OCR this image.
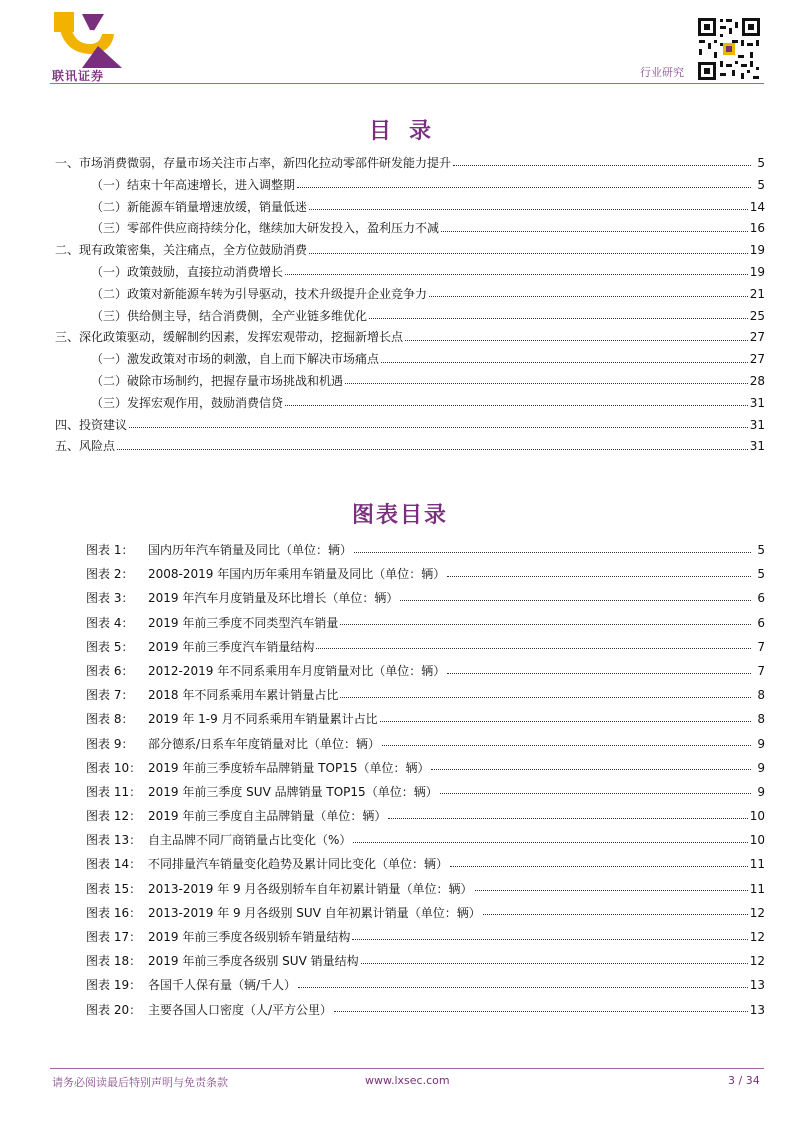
联讯证券	行业研究
目录
一、市场消费微弱，存量市场关注市占率，新四化拉动零部件研发能力提升	5
（一）结束十年高速增长，进入调整期	5
（二）新能源车销量增速放缓，销量低迷	14
（三）零部件供应商持续分化，继续加大研发投入，盈利压力不减	16
二、现有政策密集，关注痛点，全方位鼓励消费	19
（一）政策鼓励，直接拉动消费增长	19
（二）政策对新能源车转为引导驱动，技术升级提升企业竞争力	21
（三）供给侧主导，结合消费侧，全产业链多维优化	25
三、深化政策驱动，缓解制约因素，发挥宏观带动，挖掘新增长点	27
（一）激发政策对市场的刺激，自上而下解决市场痛点	27
（二）破除市场制约，把握存量市场挑战和机遇	28
（三）发挥宏观作用，鼓励消费信贷	31
四、投资建议	31
五、风险点	31
图表目录
图表 1：	国内历年汽车销量及同比（单位：辆）	5
图表 2：	2008-2019 年国内历年乘用车销量及同比（单位：辆）	5
图表 3：	2019 年汽车月度销量及环比增长（单位：辆）	6
图表 4：	2019 年前三季度不同类型汽车销量	6
图表 5：	2019 年前三季度汽车销量结构	7
图表 6：	2012-2019 年不同系乘用车月度销量对比（单位：辆）	7
图表 7：	2018 年不同系乘用车累计销量占比	8
图表 8：	2019 年 1-9 月不同系乘用车销量累计占比	8
图表 9：	部分德系/日系车年度销量对比（单位：辆）	9
图表 10： 2019 年前三季度轿车品牌销量 TOP15（单位：辆）	9
图表 11： 2019 年前三季度 SUV 品牌销量 TOP15（单位：辆）	9
图表 12： 2019 年前三季度自主品牌销量（单位：辆）	10
图表 13： 自主品牌不同厂商销量占比变化（%）	10
图表 14： 不同排量汽车销量变化趋势及累计同比变化（单位：辆）	11
图表 15： 2013-2019 年 9 月各级别轿车自年初累计销量（单位：辆）	11
图表 16： 2013-2019 年 9 月各级别 SUV 自年初累计销量（单位：辆）	12
图表 17： 2019 年前三季度各级别轿车销量结构	12
图表 18： 2019 年前三季度各级别 SUV 销量结构	12
图表 19： 各国千人保有量（辆/千人）	13
图表 20： 主要各国人口密度（人/平方公里）	13
请务必阅读最后特别声明与免责条款	www.lxsec.com	3 / 34
